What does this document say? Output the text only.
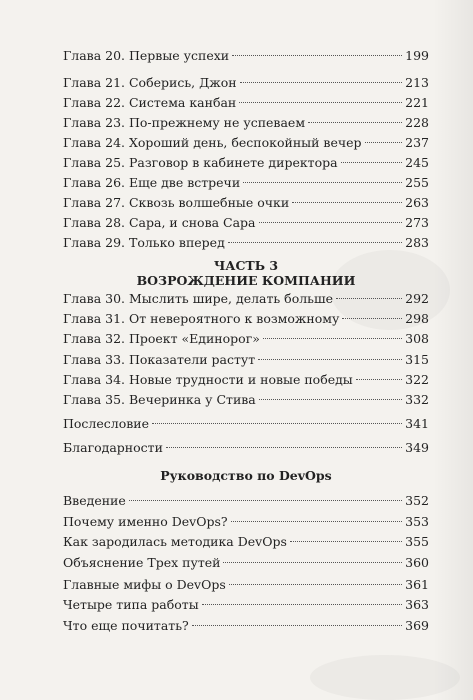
Глава 20. Первые успехи	199
Глава 21. Соберись, Джон	213
Глава 22. Система канбан	221
Глава 23. По-прежнему не успеваем	228
Глава 24. Хороший день, беспокойный вечер	237
Глава 25. Разговор в кабинете директора	245
Глава 26. Еще две встречи	255
Глава 27. Сквозь волшебные очки	263
Глава 28. Сара, и снова Сара	273
Глава 29. Только вперед	283
ЧАСТЬ 3
ВОЗРОЖДЕНИЕ КОМПАНИИ
Глава 30. Мыслить шире, делать больше	292
Глава 31. От невероятного к возможному	298
Глава 32. Проект «Единорог»	308
Глава 33. Показатели растут	315
Глава 34. Новые трудности и новые победы	322
Глава 35. Вечеринка у Стива	332
Послесловие	341
Благодарности	349
Руководство по DevOps
Введение	352
Почему именно DevOps?	353
Как зародилась методика DevOps	355
Объяснение Трех путей	360
Главные мифы о DevOps	361
Четыре типа работы	363
Что еще почитать?	369
